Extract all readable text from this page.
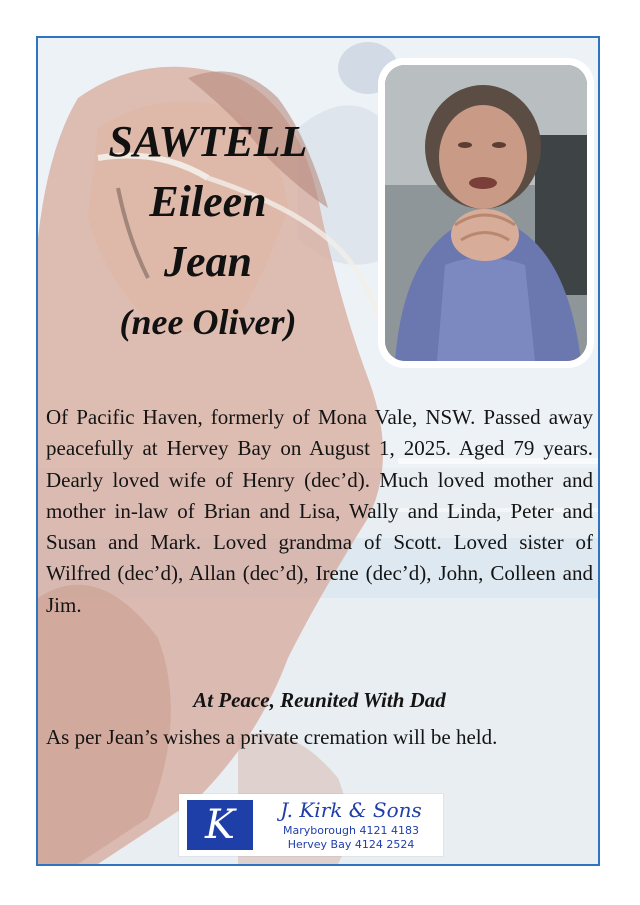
SAWTELL
Eileen
Jean
(nee Oliver)

Of Pacific Haven, formerly of Mona Vale, NSW. Passed away peacefully at Hervey Bay on August 1, 2025. Aged 79 years. Dearly loved wife of Henry (dec’d). Much loved mother and mother in-law of Brian and Lisa, Wally and Linda, Peter and Susan and Mark. Loved grandma of Scott. Loved sister of Wilfred (dec’d), Allan (dec’d), Irene (dec’d), John, Colleen and Jim.

At Peace, Reunited With Dad

As per Jean’s wishes a private cremation will be held.

K	J. Kirk & Sons
Maryborough 4121 4183
Hervey Bay 4124 2524
